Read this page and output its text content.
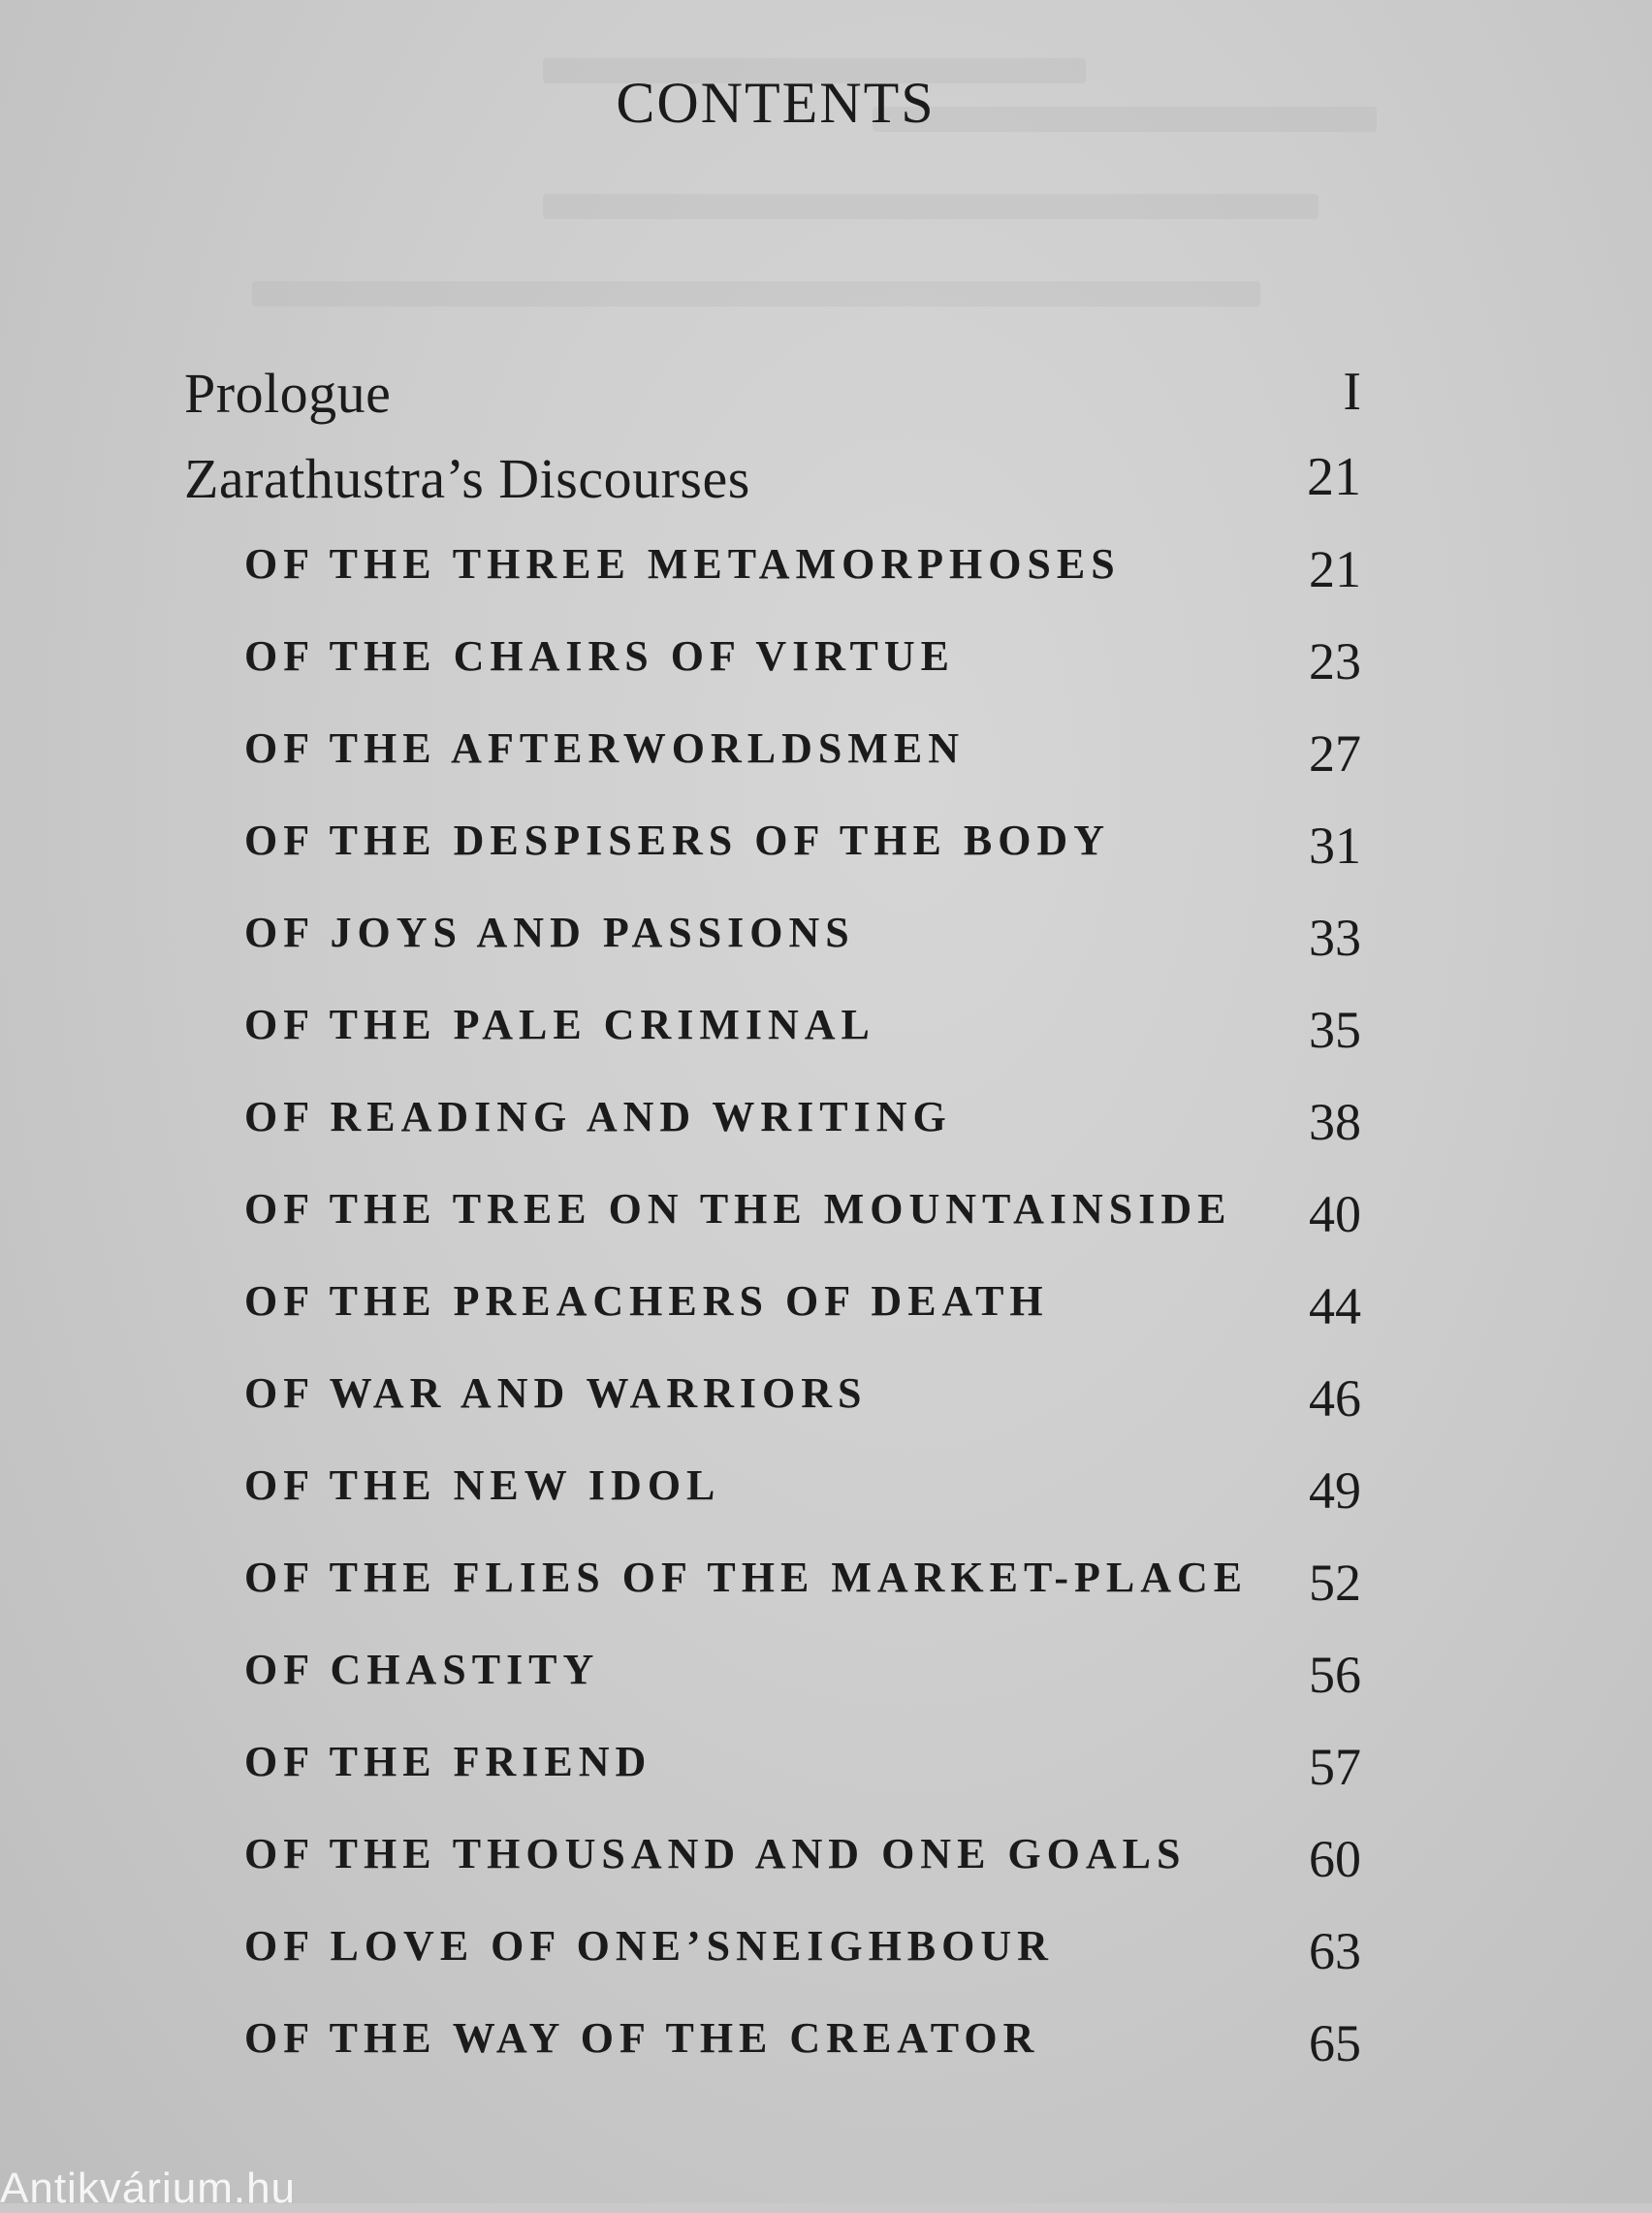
CONTENTS
Prologue	I
Zarathustra’s Discourses	21
OF THE THREE METAMORPHOSES	21
OF THE CHAIRS OF VIRTUE	23
OF THE AFTERWORLDSMEN	27
OF THE DESPISERS OF THE BODY	31
OF JOYS AND PASSIONS	33
OF THE PALE CRIMINAL	35
OF READING AND WRITING	38
OF THE TREE ON THE MOUNTAINSIDE	40
OF THE PREACHERS OF DEATH	44
OF WAR AND WARRIORS	46
OF THE NEW IDOL	49
OF THE FLIES OF THE MARKET-PLACE	52
OF CHASTITY	56
OF THE FRIEND	57
OF THE THOUSAND AND ONE GOALS	60
OF LOVE OF ONE’SNEIGHBOUR	63
OF THE WAY OF THE CREATOR	65
Antikvárium.hu
